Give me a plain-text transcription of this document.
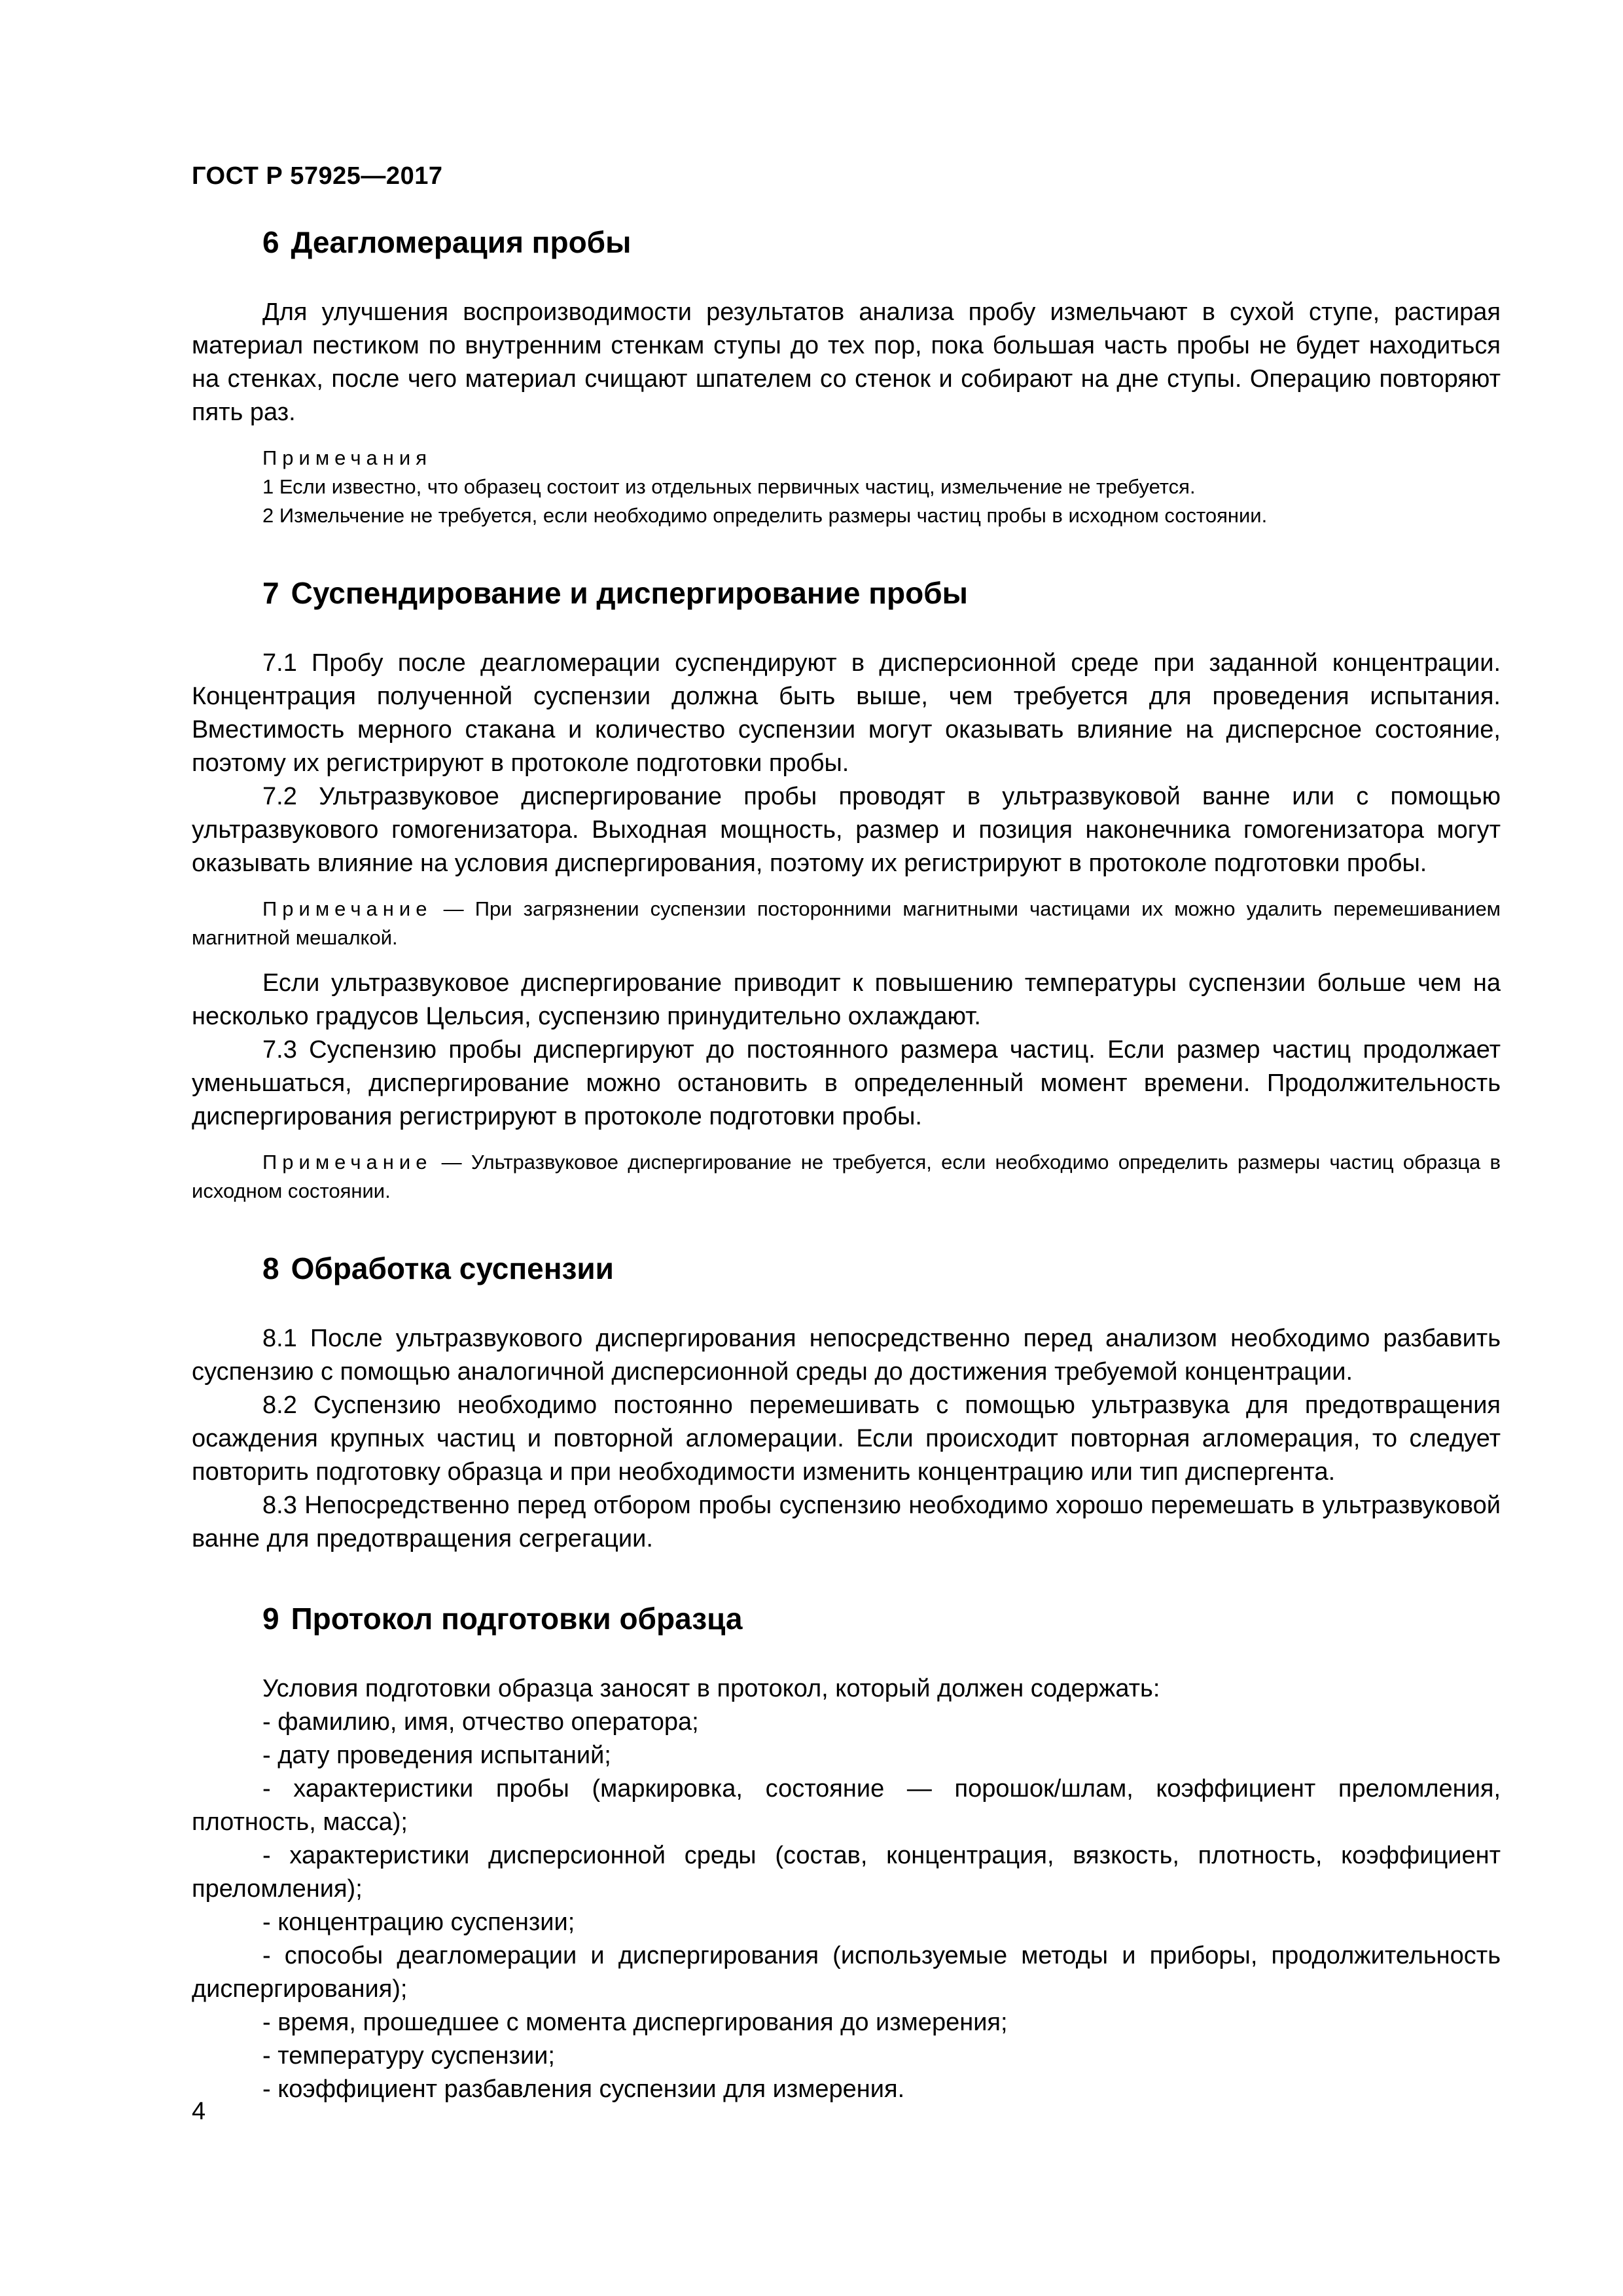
ГОСТ Р 57925—2017
6 Деагломерация пробы

Для улучшения воспроизводимости результатов анализа пробу измельчают в сухой ступе, растирая материал пестиком по внутренним стенкам ступы до тех пор, пока большая часть пробы не будет находиться на стенках, после чего материал счищают шпателем со стенок и собирают на дне ступы. Операцию повторяют пять раз.

Примечания

1 Если известно, что образец состоит из отдельных первичных частиц, измельчение не требуется.

2 Измельчение не требуется, если необходимо определить размеры частиц пробы в исходном состоянии.

7 Суспендирование и диспергирование пробы

7.1 Пробу после деагломерации суспендируют в дисперсионной среде при заданной концентрации. Концентрация полученной суспензии должна быть выше, чем требуется для проведения испытания. Вместимость мерного стакана и количество суспензии могут оказывать влияние на дисперсное состояние, поэтому их регистрируют в протоколе подготовки пробы.

7.2 Ультразвуковое диспергирование пробы проводят в ультразвуковой ванне или с помощью ультразвукового гомогенизатора. Выходная мощность, размер и позиция наконечника гомогенизатора могут оказывать влияние на условия диспергирования, поэтому их регистрируют в протоколе подготовки пробы.

Примечание — При загрязнении суспензии посторонними магнитными частицами их можно удалить перемешиванием магнитной мешалкой.

Если ультразвуковое диспергирование приводит к повышению температуры суспензии больше чем на несколько градусов Цельсия, суспензию принудительно охлаждают.

7.3 Суспензию пробы диспергируют до постоянного размера частиц. Если размер частиц продолжает уменьшаться, диспергирование можно остановить в определенный момент времени. Продолжительность диспергирования регистрируют в протоколе подготовки пробы.

Примечание — Ультразвуковое диспергирование не требуется, если необходимо определить размеры частиц образца в исходном состоянии.

8 Обработка суспензии

8.1 После ультразвукового диспергирования непосредственно перед анализом необходимо разбавить суспензию с помощью аналогичной дисперсионной среды до достижения требуемой концентрации.

8.2 Суспензию необходимо постоянно перемешивать с помощью ультразвука для предотвращения осаждения крупных частиц и повторной агломерации. Если происходит повторная агломерация, то следует повторить подготовку образца и при необходимости изменить концентрацию или тип диспергента.

8.3 Непосредственно перед отбором пробы суспензию необходимо хорошо перемешать в ультразвуковой ванне для предотвращения сегрегации.

9 Протокол подготовки образца

Условия подготовки образца заносят в протокол, который должен содержать:

- фамилию, имя, отчество оператора;

- дату проведения испытаний;

- характеристики пробы (маркировка, состояние — порошок/шлам, коэффициент преломления, плотность, масса);

- характеристики дисперсионной среды (состав, концентрация, вязкость, плотность, коэффициент преломления);

- концентрацию суспензии;

- способы деагломерации и диспергирования (используемые методы и приборы, продолжительность диспергирования);

- время, прошедшее с момента диспергирования до измерения;

- температуру суспензии;

- коэффициент разбавления суспензии для измерения.

4
